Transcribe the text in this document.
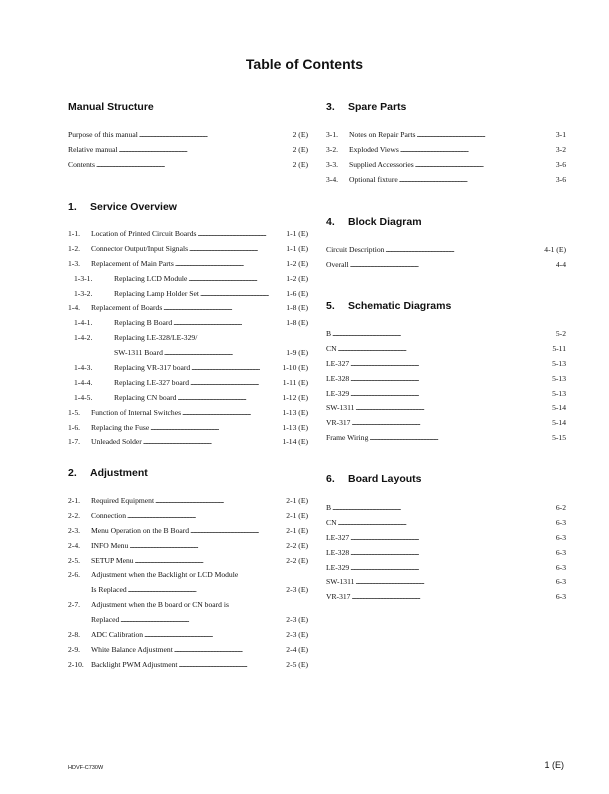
Table of Contents
Manual Structure
Purpose of this manual . . .	2 (E)
Relative manual . . .	2 (E)
Contents . . .	2 (E)
1. Service Overview
1-1. Location of Printed Circuit Boards . . .	1-1 (E)
1-2. Connector Output/Input Signals . . .	1-1 (E)
1-3. Replacement of Main Parts . . .	1-2 (E)
1-3-1.	Replacing LCD Module . . .	1-2 (E)
1-3-2.	Replacing Lamp Holder Set . . .	1-6 (E)
1-4. Replacement of Boards . . .	1-8 (E)
1-4-1.	Replacing B Board . . .	1-8 (E)
1-4-2.	Replacing LE-328/LE-329/
SW-1311 Board . . .	1-9 (E)
1-4-3.	Replacing VR-317 board . . .	1-10 (E)
1-4-4.	Replacing LE-327 board . . .	1-11 (E)
1-4-5.	Replacing CN board . . .	1-12 (E)
1-5. Function of Internal Switches . . .	1-13 (E)
1-6. Replacing the Fuse . . .	1-13 (E)
1-7. Unleaded Solder . . .	1-14 (E)
2. Adjustment
2-1. Required Equipment . . .	2-1 (E)
2-2. Connection . . .	2-1 (E)
2-3. Menu Operation on the B Board . . .	2-1 (E)
2-4. INFO Menu . . .	2-2 (E)
2-5. SETUP Menu . . .	2-2 (E)
2-6. Adjustment when the Backlight or LCD Module
Is Replaced . . .	2-3 (E)
2-7. Adjustment when the B board or CN board is
Replaced . . .	2-3 (E)
2-8. ADC Calibration . . .	2-3 (E)
2-9. White Balance Adjustment . . .	2-4 (E)
2-10. Backlight PWM Adjustment . . .	2-5 (E)
3. Spare Parts
3-1. Notes on Repair Parts . . .	3-1
3-2. Exploded Views . . .	3-2
3-3. Supplied Accessories . . .	3-6
3-4. Optional fixture . . .	3-6
4. Block Diagram
Circuit Description . . .	4-1 (E)
Overall . . .	4-4
5. Schematic Diagrams
B . . .	5-2
CN . . .	5-11
LE-327 . . .	5-13
LE-328 . . .	5-13
LE-329 . . .	5-13
SW-1311 . . .	5-14
VR-317 . . .	5-14
Frame Wiring . . .	5-15
6. Board Layouts
B . . .	6-2
CN . . .	6-3
LE-327 . . .	6-3
LE-328 . . .	6-3
LE-329 . . .	6-3
SW-1311 . . .	6-3
VR-317 . . .	6-3
HDVF-C730W	1 (E)
